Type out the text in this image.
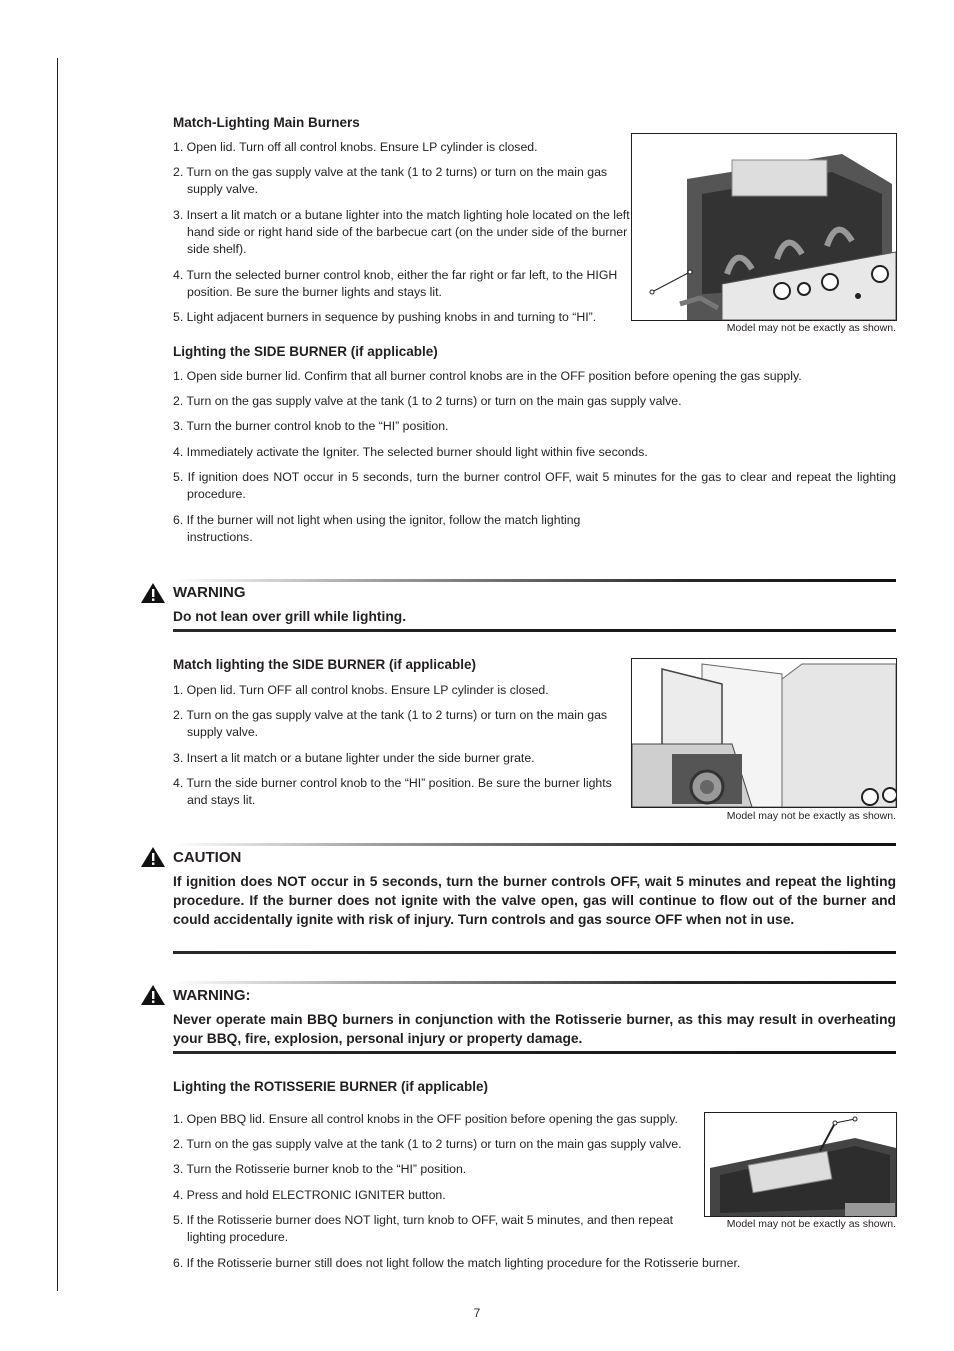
Match-Lighting Main Burners

1. Open lid. Turn off all control knobs. Ensure LP cylinder is closed.

2. Turn on the gas supply valve at the tank (1 to 2 turns) or turn on the main gas supply valve.

3. Insert a lit match or a butane lighter into the match lighting hole located on the left hand side or right hand side of the barbecue cart (on the under side of the burner side shelf).

4. Turn the selected burner control knob, either the far right or far left, to the HIGH position. Be sure the burner lights and stays lit.

5. Light adjacent burners in sequence by pushing knobs in and turning to “HI”.

Model may not be exactly as shown.
Lighting the SIDE BURNER (if applicable)

1. Open side burner lid. Confirm that all burner control knobs are in the OFF position before opening the gas supply.

2. Turn on the gas supply valve at the tank (1 to 2 turns) or turn on the main gas supply valve.

3. Turn the burner control knob to the “HI” position.

4. Immediately activate the Igniter. The selected burner should light within five seconds.

5. If ignition does NOT occur in 5 seconds, turn the burner control OFF, wait 5 minutes for the gas to clear and repeat the lighting procedure.

6. If the burner will not light when using the ignitor, follow the match lighting instructions.

WARNING
Do not lean over grill while lighting.
Match lighting the SIDE BURNER (if applicable)

1. Open lid. Turn OFF all control knobs. Ensure LP cylinder is closed.

2. Turn on the gas supply valve at the tank (1 to 2 turns) or turn on the main gas supply valve.

3. Insert a lit match or a butane lighter under the side burner grate.

4. Turn the side burner control knob to the “HI” position. Be sure the burner lights and stays lit.

Model may not be exactly as shown.
CAUTION
If ignition does NOT occur in 5 seconds, turn the burner controls OFF, wait 5 minutes and repeat the lighting procedure. If the burner does not ignite with the valve open, gas will continue to flow out of the burner and could accidentally ignite with risk of injury. Turn controls and gas source OFF when not in use.
WARNING:
Never operate main BBQ burners in conjunction with the Rotisserie burner, as this may result in overheating your BBQ, fire, explosion, personal injury or property damage.
Lighting the ROTISSERIE BURNER (if applicable)

1. Open BBQ lid. Ensure all control knobs in the OFF position before opening the gas supply.

2. Turn on the gas supply valve at the tank (1 to 2 turns) or turn on the main gas supply valve.

3. Turn the Rotisserie burner knob to the “HI” position.

4. Press and hold ELECTRONIC IGNITER button.

5. If the Rotisserie burner does NOT light, turn knob to OFF, wait 5 minutes, and then repeat lighting procedure.

6. If the Rotisserie burner still does not light follow the match lighting procedure for the Rotisserie burner.

Model may not be exactly as shown.
7
